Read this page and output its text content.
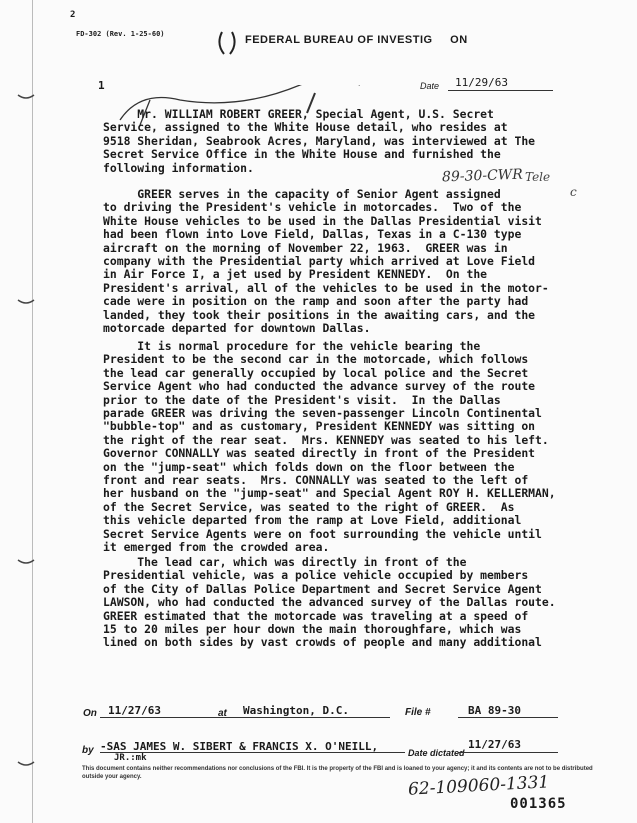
2
FD-302 (Rev. 1-25-60)
1
FEDERAL BUREAU OF INVESTIG ON
Date 11/29/63
89-30-CWR Tele
c
Mr. WILLIAM ROBERT GREER, Special Agent, U.S. Secret
Service, assigned to the White House detail, who resides at
9518 Sheridan, Seabrook Acres, Maryland, was interviewed at The
Secret Service Office in the White House and furnished the
following information.
GREER serves in the capacity of Senior Agent assigned
to driving the President's vehicle in motorcades.  Two of the
White House vehicles to be used in the Dallas Presidential visit
had been flown into Love Field, Dallas, Texas in a C-130 type
aircraft on the morning of November 22, 1963.  GREER was in
company with the Presidential party which arrived at Love Field
in Air Force I, a jet used by President KENNEDY.  On the
President's arrival, all of the vehicles to be used in the motor-
cade were in position on the ramp and soon after the party had
landed, they took their positions in the awaiting cars, and the
motorcade departed for downtown Dallas.
It is normal procedure for the vehicle bearing the
President to be the second car in the motorcade, which follows
the lead car generally occupied by local police and the Secret
Service Agent who had conducted the advance survey of the route
prior to the date of the President's visit.  In the Dallas
parade GREER was driving the seven-passenger Lincoln Continental
"bubble-top" and as customary, President KENNEDY was sitting on
the right of the rear seat.  Mrs. KENNEDY was seated to his left.
Governor CONNALLY was seated directly in front of the President
on the "jump-seat" which folds down on the floor between the
front and rear seats.  Mrs. CONNALLY was seated to the left of
her husband on the "jump-seat" and Special Agent ROY H. KELLERMAN,
of the Secret Service, was seated to the right of GREER.  As
this vehicle departed from the ramp at Love Field, additional
Secret Service Agents were on foot surrounding the vehicle until
it emerged from the crowded area.
The lead car, which was directly in front of the
Presidential vehicle, was a police vehicle occupied by members
of the City of Dallas Police Department and Secret Service Agent
LAWSON, who had conducted the advanced survey of the Dallas route.
GREER estimated that the motorcade was traveling at a speed of
15 to 20 miles per hour down the main thoroughfare, which was
lined on both sides by vast crowds of people and many additional
On 11/27/63	at Washington, D.C.	File #	BA 89-30
by -SAS JAMES W. SIBERT & FRANCIS X. O'NEILL,
JR.:mk	Date dictated
11/27/63
This document contains neither recommendations nor conclusions of the FBI. It is the property of the FBI and is loaned to your agency; it and its contents are not to be distributed outside your agency.	62-109060-1331
001365
